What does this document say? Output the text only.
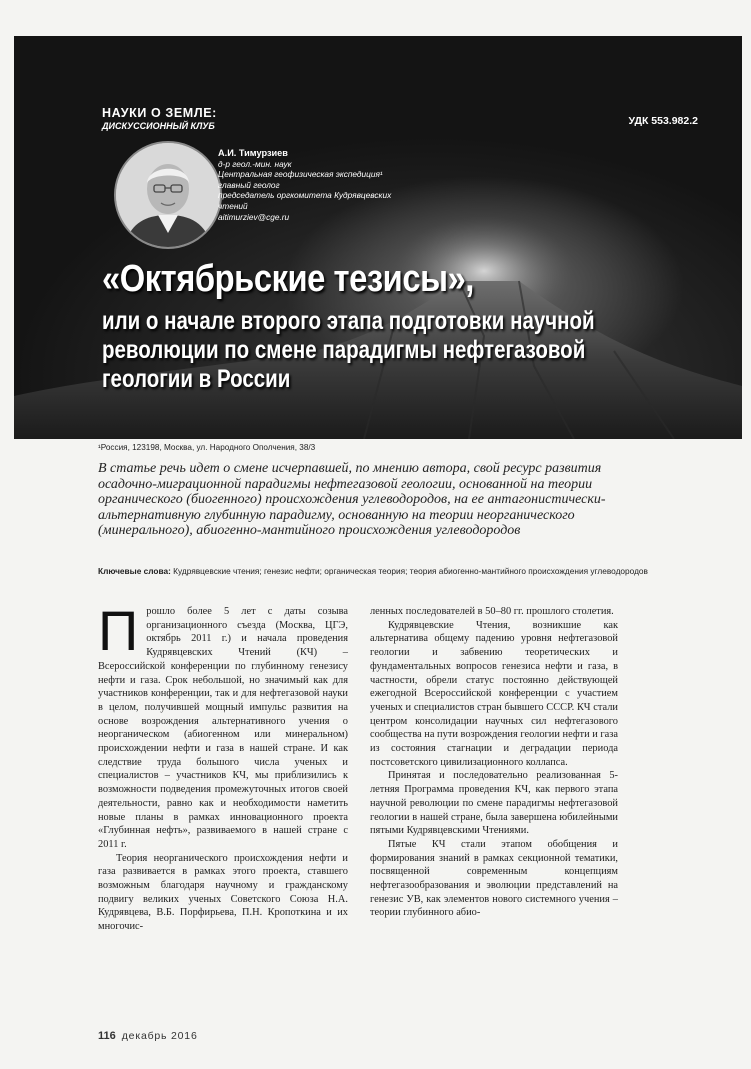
НАУКИ О ЗЕМЛЕ:
ДИСКУССИОННЫЙ КЛУБ	УДК 553.982.2
А.И. Тимурзиев
д-р геол.-мин. наук
Центральная геофизическая экспедиция¹
главный геолог
председатель оргкомитета Кудрявцевских
чтений
aitimurziev@cge.ru
«Октябрьские тезисы»,
или о начале второго этапа подготовки научной
революции по смене парадигмы нефтегазовой
геологии в России
¹Россия, 123198, Москва, ул. Народного Ополчения, 38/3
В статье речь идет о смене исчерпавшей, по мнению автора, свой ресурс развития осадочно-миграционной парадигмы нефтегазовой геологии, основанной на теории органического (биогенного) происхождения углеводородов, на ее антагонистически-альтернативную глубинную парадигму, основанную на теории неорганического (минерального), абиогенно-мантийного происхождения углеводородов
Ключевые слова: Кудрявцевские чтения; генезис нефти; органическая теория; теория абиогенно-мантийного происхождения углеводородов

Прошло более 5 лет с даты созыва организационного съезда (Москва, ЦГЭ, октябрь 2011 г.) и начала проведения Кудрявцевских Чтений (КЧ) – Всероссийской конференции по глубинному генезису нефти и газа. Срок небольшой, но значимый как для участников конференции, так и для нефтегазовой науки в целом, получившей мощный импульс развития на основе возрождения альтернативного учения о неорганическом (абиогенном или минеральном) происхождении нефти и газа в нашей стране. И как следствие труда большого числа ученых и специалистов – участников КЧ, мы приблизились к возможности подведения промежуточных итогов своей деятельности, равно как и необходимости наметить новые планы в рамках инновационного проекта «Глубинная нефть», развиваемого в нашей стране с 2011 г.

Теория неорганического происхождения нефти и газа развивается в рамках этого проекта, ставшего возможным благодаря научному и гражданскому подвигу великих ученых Советского Союза Н.А. Кудрявцева, В.Б. Порфирьева, П.Н. Кропоткина и их многочис-

ленных последователей в 50–80 гг. прошлого столетия.

Кудрявцевские Чтения, возникшие как альтернатива общему падению уровня нефтегазовой геологии и забвению теоретических и фундаментальных вопросов генезиса нефти и газа, в частности, обрели статус постоянно действующей ежегодной Всероссийской конференции с участием ученых и специалистов стран бывшего СССР. КЧ стали центром консолидации научных сил нефтегазового сообщества на пути возрождения геологии нефти и газа из состояния стагнации и деградации периода постсоветского цивилизационного коллапса.

Принятая и последовательно реализованная 5-летняя Программа проведения КЧ, как первого этапа научной революции по смене парадигмы нефтегазовой геологии в нашей стране, была завершена юбилейными пятыми Кудрявцевскими Чтениями.

Пятые КЧ стали этапом обобщения и формирования знаний в рамках секционной тематики, посвященной современным концепциям нефтегазообразования и эволюции представлений на генезис УВ, как элементов нового системного учения – теории глубинного абио-

116 декабрь 2016
